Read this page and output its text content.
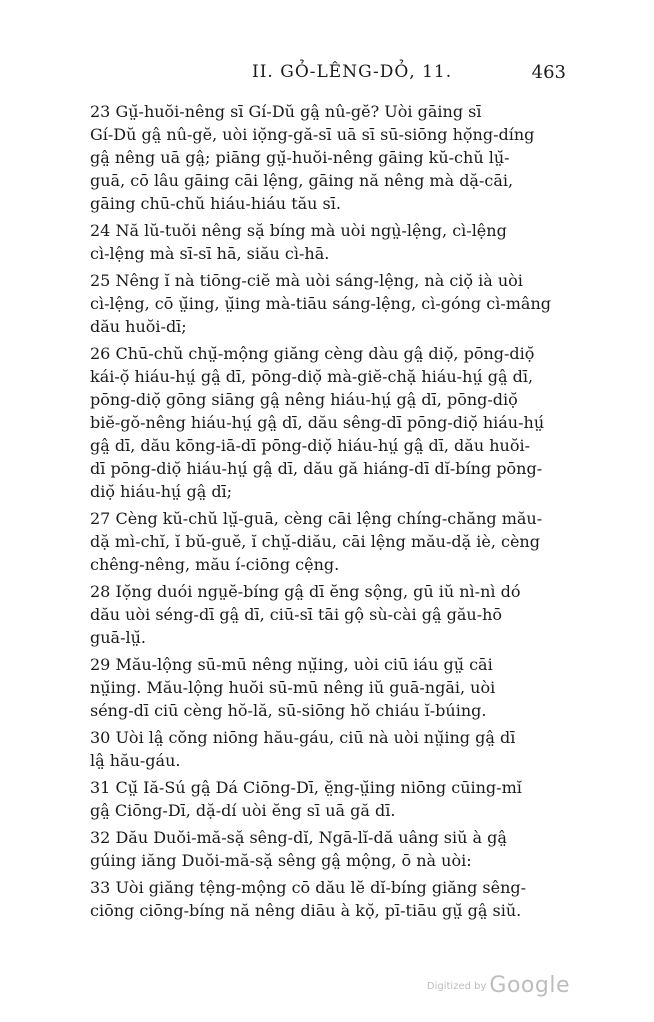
II. GỎ-LÊNG-DỎ, 11.	463

23 Gṳ̆-huŏi-nêng sī Gí-Dŭ gâ̤ nû-gĕ? Uòi gāing sī
Gí-Dŭ gâ̤ nû-gĕ, uòi iọ̆ng-gă-sī uā sī sū-siōng họ̆ng-díng
gâ̤ nêng uā gâ̤; piāng gṳ̆-huŏi-nêng gāing kŭ-chŭ lṳ̆-
guā, cō lâu gāing cāi lệng, gāing nă nêng mà dặ-cāi,
gāing chū-chŭ hiáu-hiáu tău sī.

24 Nă lŭ-tuŏi nêng sặ bíng mà uòi ngṳ̀-lệng, cì-lệng
cì-lệng mà sī-sī hā, siău cì-hā.

25 Nêng ĭ nà tiōng-ciĕ mà uòi sáng-lệng, nà ciọ̆ ià uòi
cì-lệng, cō ṳ̆ing, ṳ̆ing mà-tiāu sáng-lệng, cì-góng cì-mâng
dău huŏi-dī;

26 Chū-chŭ chṳ̆-mộng giăng cèng dàu gâ̤ diọ̆, pōng-diọ̆
kái-ọ̆ hiáu-hṳ́ gâ̤ dī, pōng-diọ̆ mà-giĕ-chặ hiáu-hṳ́ gâ̤ dī,
pōng-diọ̆ gōng siāng gâ̤ nêng hiáu-hṳ́ gâ̤ dī, pōng-diọ̆
biĕ-gŏ-nêng hiáu-hṳ́ gâ̤ dī, dău sêng-dī pōng-diọ̆ hiáu-hṳ́
gâ̤ dī, dău kōng-iā-dī pōng-diọ̆ hiáu-hṳ́ gâ̤ dī, dău huŏi-
dī pōng-diọ̆ hiáu-hṳ́ gâ̤ dī, dău gă hiáng-dī dĭ-bíng pōng-
diọ̆ hiáu-hṳ́ gâ̤ dī;

27 Cèng kŭ-chŭ lṳ̆-guā, cèng cāi lệng chíng-chăng mău-
dặ mì-chĭ, ĭ bŭ-guĕ, ĭ chṳ̆-diău, cāi lệng mău-dặ iè, cèng
chêng-nêng, mău í-ciōng cệng.

28 Iọ̆ng duói ngṳĕ-bíng gâ̤ dī ĕng sộng, gū iŭ nì-nì dó
dău uòi séng-dī gâ̤ dī, ciū-sī tāi gộ sù-cài gâ̤ gău-hō
guā-lṳ̆.

29 Mău-lộng sū-mū nêng nṳ̆ing, uòi ciū iáu gṳ̆ cāi
nṳ̆ing. Mău-lộng huŏi sū-mū nêng iŭ guā-ngāi, uòi
séng-dī ciū cèng hŏ-lă, sū-siōng hŏ chiáu ĭ-búing.

30 Uòi lâ̤ cŏng niōng hău-gáu, ciū nà uòi nṳ̆ing gâ̤ dī
lâ̤ hău-gáu.

31 Cṳ̆ Iă-Sú gâ̤ Dá Ciōng-Dī, ĕ̤ng-ṳ̆ing niōng cūing-mĭ
gâ̤ Ciōng-Dī, dặ-dí uòi ĕng sī uā gă dī.

32 Dău Duŏi-mă-sặ sêng-dĭ, Ngā-lĭ-dă uâng siŭ à gâ̤
gúing iăng Duŏi-mă-sặ sêng gâ̤ mộng, ō nà uòi:

33 Uòi giăng tệng-mộng cō dău lĕ dĭ-bíng giăng sêng-
ciōng ciōng-bíng nă nêng diāu à kọ̆, pī-tiāu gṳ̆ gâ̤ siŭ.

Digitized by Google
